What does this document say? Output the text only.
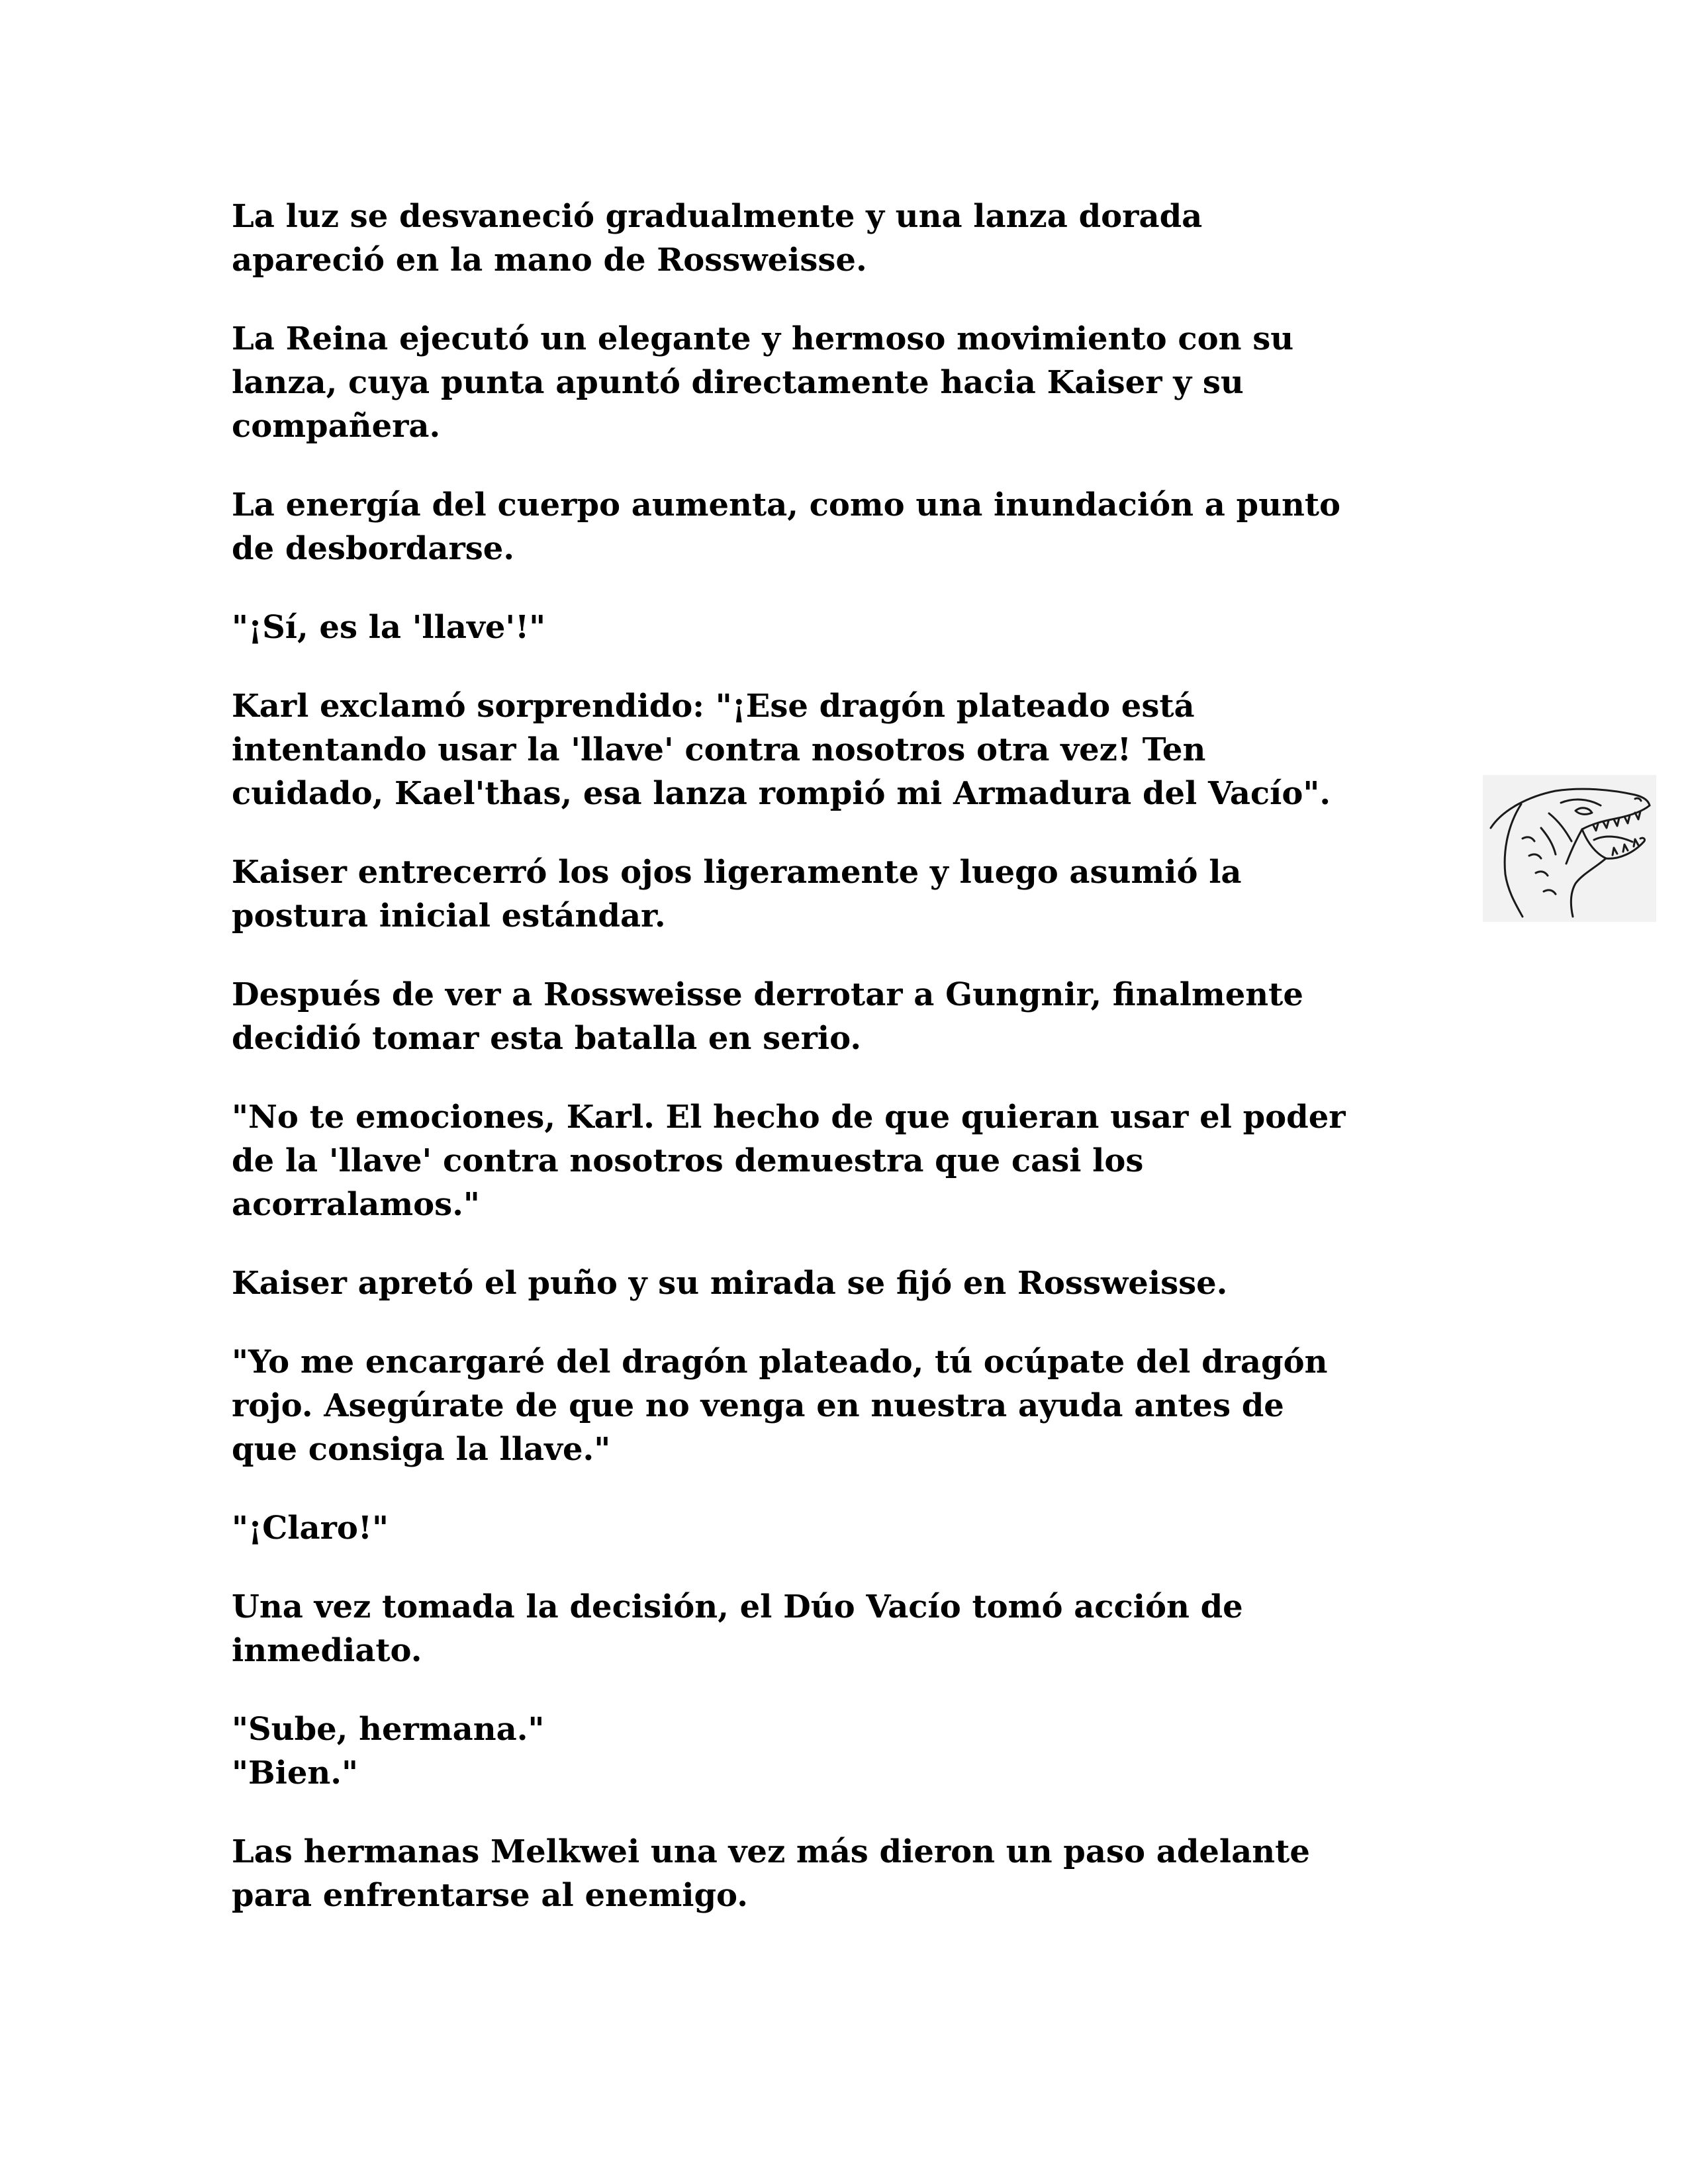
La luz se desvaneció gradualmente y una lanza dorada
apareció en la mano de Rossweisse.
La Reina ejecutó un elegante y hermoso movimiento con su
lanza, cuya punta apuntó directamente hacia Kaiser y su
compañera.
La energía del cuerpo aumenta, como una inundación a punto
de desbordarse.
"¡Sí, es la 'llave'!"
Karl exclamó sorprendido: "¡Ese dragón plateado está
intentando usar la 'llave' contra nosotros otra vez! Ten
cuidado, Kael'thas, esa lanza rompió mi Armadura del Vacío".
Kaiser entrecerró los ojos ligeramente y luego asumió la
postura inicial estándar.
Después de ver a Rossweisse derrotar a Gungnir, finalmente
decidió tomar esta batalla en serio.
"No te emociones, Karl. El hecho de que quieran usar el poder
de la 'llave' contra nosotros demuestra que casi los
acorralamos."
Kaiser apretó el puño y su mirada se fijó en Rossweisse.
"Yo me encargaré del dragón plateado, tú ocúpate del dragón
rojo. Asegúrate de que no venga en nuestra ayuda antes de
que consiga la llave."
"¡Claro!"
Una vez tomada la decisión, el Dúo Vacío tomó acción de
inmediato.
"Sube, hermana."
"Bien."
Las hermanas Melkwei una vez más dieron un paso adelante
para enfrentarse al enemigo.
